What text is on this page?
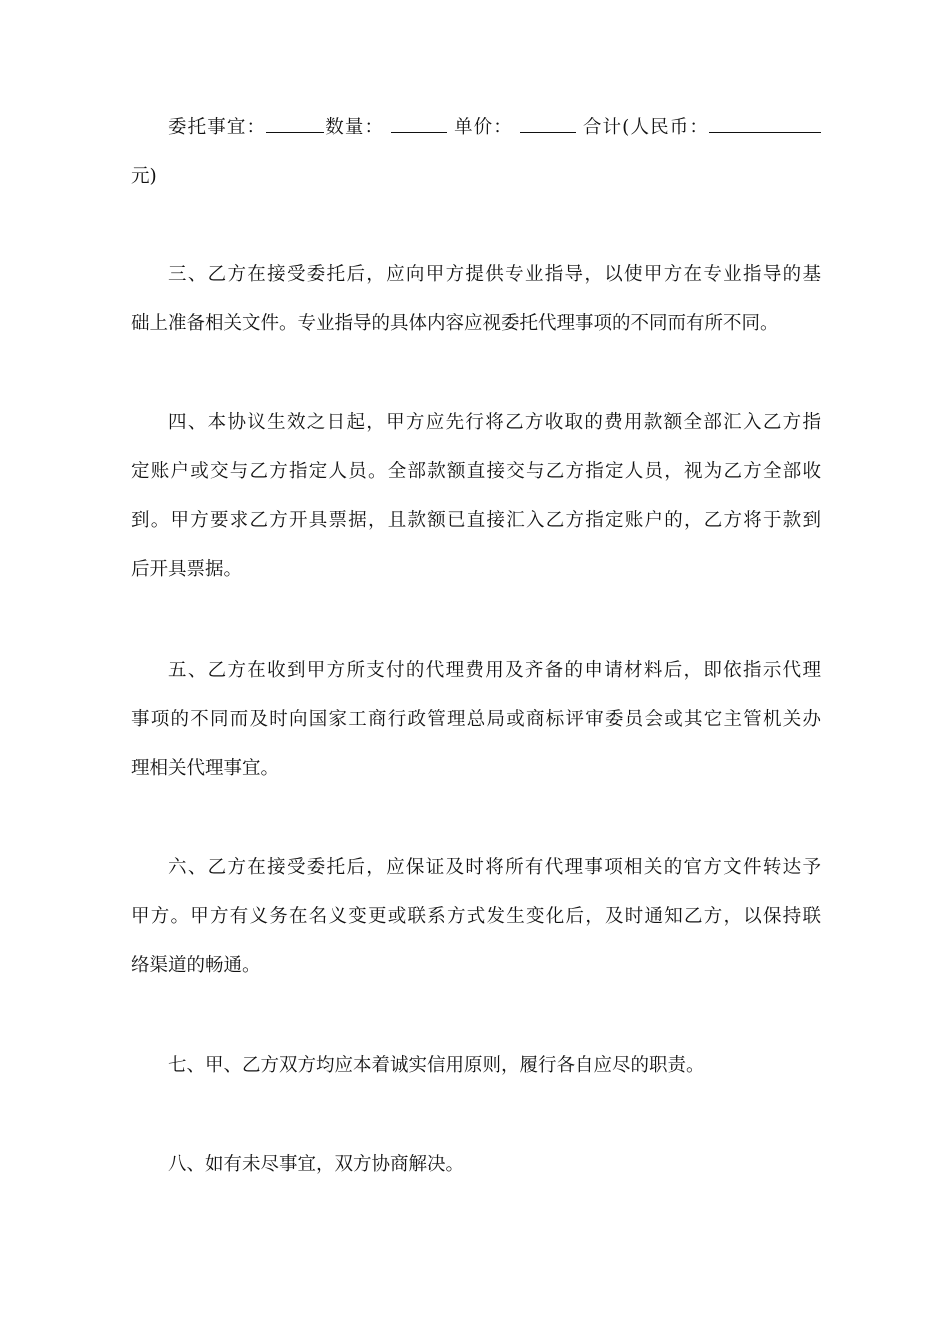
委托事宜：	数量：	单价：	合计(人民币：
元)
三、乙方在接受委托后，应向甲方提供专业指导，以使甲方在专业指导的基
础上准备相关文件。专业指导的具体内容应视委托代理事项的不同而有所不同。
四、本协议生效之日起，甲方应先行将乙方收取的费用款额全部汇入乙方指
定账户或交与乙方指定人员。全部款额直接交与乙方指定人员，视为乙方全部收
到。甲方要求乙方开具票据，且款额已直接汇入乙方指定账户的，乙方将于款到
后开具票据。
五、乙方在收到甲方所支付的代理费用及齐备的申请材料后，即依指示代理
事项的不同而及时向国家工商行政管理总局或商标评审委员会或其它主管机关办
理相关代理事宜。
六、乙方在接受委托后，应保证及时将所有代理事项相关的官方文件转达予
甲方。甲方有义务在名义变更或联系方式发生变化后，及时通知乙方，以保持联
络渠道的畅通。
七、甲、乙方双方均应本着诚实信用原则，履行各自应尽的职责。
八、如有未尽事宜，双方协商解决。
